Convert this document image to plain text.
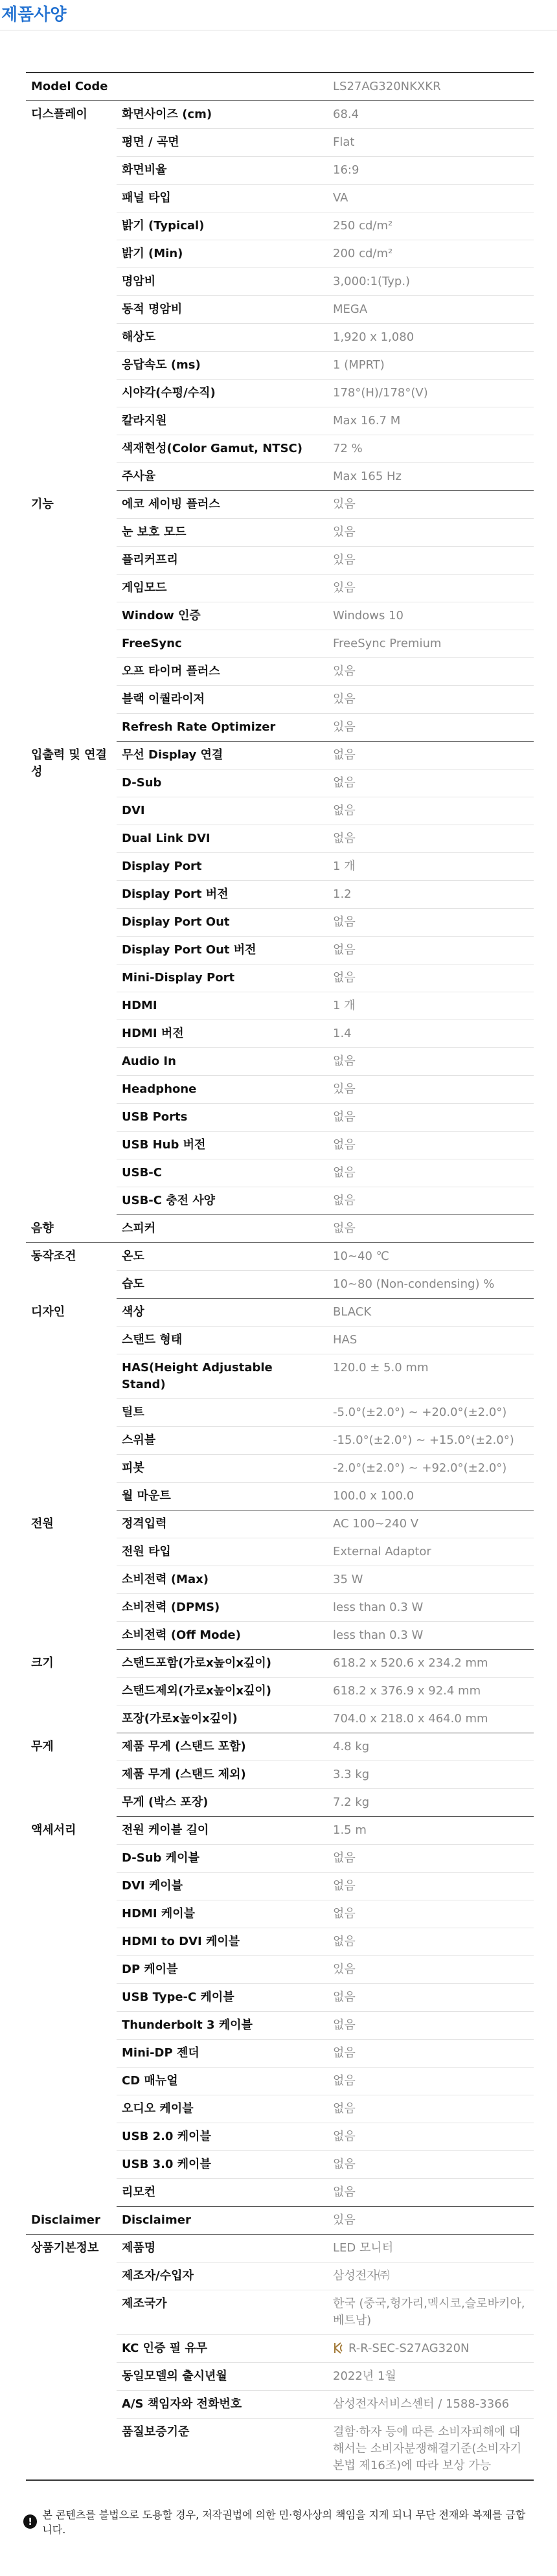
제품사양
Model Code		LS27AG320NKXKR
디스플레이	화면사이즈 (cm)	68.4
	평면 / 곡면	Flat
	화면비율	16:9
	패널 타입	VA
	밝기 (Typical)	250 cd/m²
	밝기 (Min)	200 cd/m²
	명암비	3,000:1(Typ.)
	동적 명암비	MEGA
	해상도	1,920 x 1,080
	응답속도 (ms)	1 (MPRT)
	시야각(수평/수직)	178°(H)/178°(V)
	칼라지원	Max 16.7 M
	색재현성(Color Gamut, NTSC)	72 %
	주사율	Max 165 Hz
기능	에코 세이빙 플러스	있음
	눈 보호 모드	있음
	플리커프리	있음
	게임모드	있음
	Window 인증	Windows 10
	FreeSync	FreeSync Premium
	오프 타이머 플러스	있음
	블랙 이퀄라이저	있음
	Refresh Rate Optimizer	있음
입출력 및 연결성	무선 Display 연결	없음
	D-Sub	없음
	DVI	없음
	Dual Link DVI	없음
	Display Port	1 개
	Display Port 버전	1.2
	Display Port Out	없음
	Display Port Out 버전	없음
	Mini-Display Port	없음
	HDMI	1 개
	HDMI 버전	1.4
	Audio In	없음
	Headphone	있음
	USB Ports	없음
	USB Hub 버전	없음
	USB-C	없음
	USB-C 충전 사양	없음
음향	스피커	없음
동작조건	온도	10~40 ℃
	습도	10~80 (Non-condensing) %
디자인	색상	BLACK
	스탠드 형태	HAS
	HAS(Height Adjustable Stand)	120.0 ± 5.0 mm
	틸트	-5.0°(±2.0°) ~ +20.0°(±2.0°)
	스위블	-15.0°(±2.0°) ~ +15.0°(±2.0°)
	피봇	-2.0°(±2.0°) ~ +92.0°(±2.0°)
	월 마운트	100.0 x 100.0
전원	정격입력	AC 100~240 V
	전원 타입	External Adaptor
	소비전력 (Max)	35 W
	소비전력 (DPMS)	less than 0.3 W
	소비전력 (Off Mode)	less than 0.3 W
크기	스탠드포함(가로x높이x깊이)	618.2 x 520.6 x 234.2 mm
	스탠드제외(가로x높이x깊이)	618.2 x 376.9 x 92.4 mm
	포장(가로x높이x깊이)	704.0 x 218.0 x 464.0 mm
무게	제품 무게 (스탠드 포함)	4.8 kg
	제품 무게 (스탠드 제외)	3.3 kg
	무게 (박스 포장)	7.2 kg
액세서리	전원 케이블 길이	1.5 m
	D-Sub 케이블	없음
	DVI 케이블	없음
	HDMI 케이블	없음
	HDMI to DVI 케이블	없음
	DP 케이블	있음
	USB Type-C 케이블	없음
	Thunderbolt 3 케이블	없음
	Mini-DP 젠더	없음
	CD 매뉴얼	없음
	오디오 케이블	없음
	USB 2.0 케이블	없음
	USB 3.0 케이블	없음
	리모컨	없음
Disclaimer	Disclaimer	있음
상품기본정보	제품명	LED 모니터
	제조자/수입자	삼성전자㈜
	제조국가	한국 (중국,헝가리,멕시코,슬로바키아,베트남)
	KC 인증 필 유무	R-R-SEC-S27AG320N
	동일모델의 출시년월	2022년 1월
	A/S 책임자와 전화번호	삼성전자서비스센터 / 1588-3366
	품질보증기준	결함·하자 등에 따른 소비자피해에 대해서는 소비자분쟁해결기준(소비자기본법 제16조)에 따라 보상 가능
!
본 콘텐츠를 불법으로 도용할 경우, 저작권법에 의한 민·형사상의 책임을 지게 되니 무단 전재와 복제를 금합니다.
